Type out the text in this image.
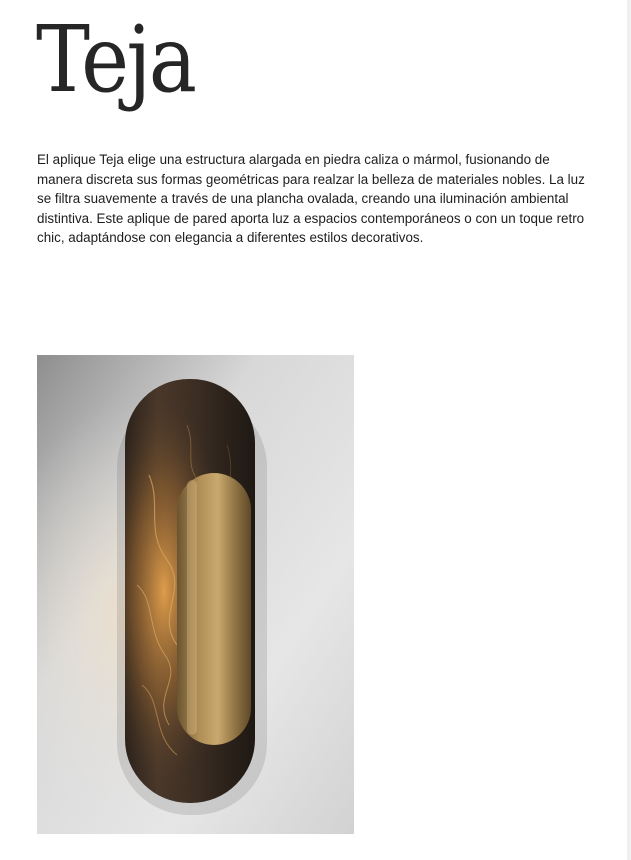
Teja

El aplique Teja elige una estructura alargada en piedra caliza o mármol, fusionando de manera discreta sus formas geométricas para realzar la belleza de materiales nobles. La luz se filtra suavemente a través de una plancha ovalada, creando una iluminación ambiental distintiva. Este aplique de pared aporta luz a espacios contemporáneos o con un toque retro chic, adaptándose con elegancia a diferentes estilos decorativos.
